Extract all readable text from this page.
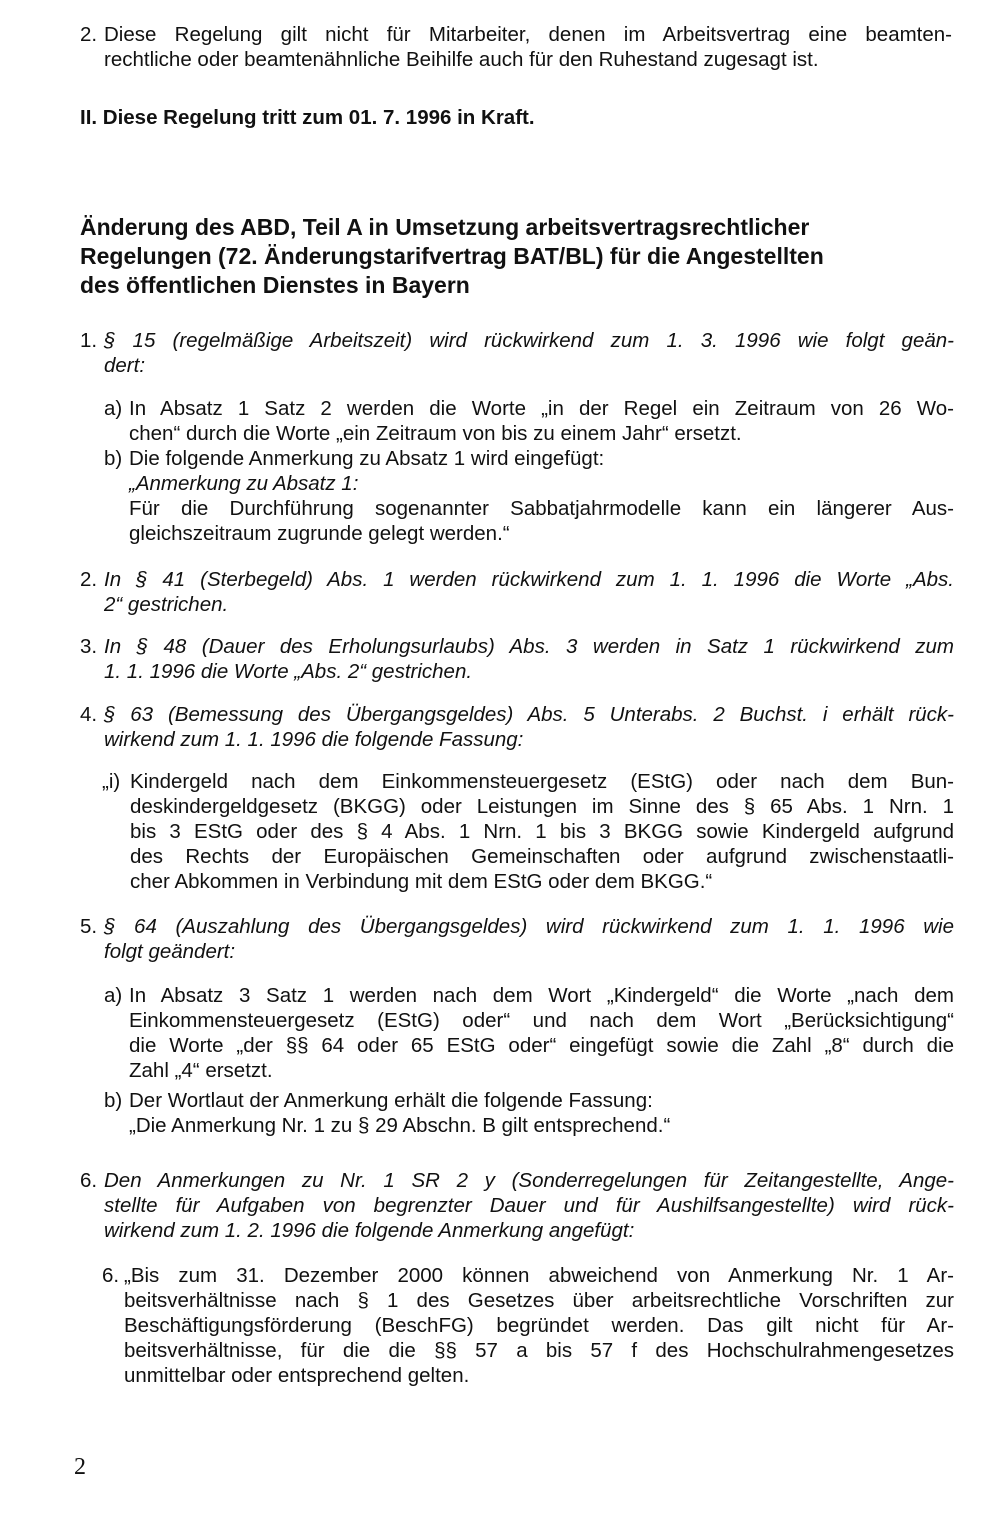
2. Diese Regelung gilt nicht für Mitarbeiter, denen im Arbeitsvertrag eine beamten-
rechtliche oder beamtenähnliche Beihilfe auch für den Ruhestand zugesagt ist.
II. Diese Regelung tritt zum 01. 7. 1996 in Kraft.
Änderung des ABD, Teil A in Umsetzung arbeitsvertragsrechtlicher
Regelungen (72. Änderungstarifvertrag BAT/BL) für die Angestellten
des öffentlichen Dienstes in Bayern
1. § 15 (regelmäßige Arbeitszeit) wird rückwirkend zum 1. 3. 1996 wie folgt geän-
dert:
a) In Absatz 1 Satz 2 werden die Worte „in der Regel ein Zeitraum von 26 Wo-
chen“ durch die Worte „ein Zeitraum von bis zu einem Jahr“ ersetzt.
b) Die folgende Anmerkung zu Absatz 1 wird eingefügt:
„Anmerkung zu Absatz 1:
Für die Durchführung sogenannter Sabbatjahrmodelle kann ein längerer Aus-
gleichszeitraum zugrunde gelegt werden.“
2. In § 41 (Sterbegeld) Abs. 1 werden rückwirkend zum 1. 1. 1996 die Worte „Abs.
2“ gestrichen.
3. In § 48 (Dauer des Erholungsurlaubs) Abs. 3 werden in Satz 1 rückwirkend zum
1. 1. 1996 die Worte „Abs. 2“ gestrichen.
4. § 63 (Bemessung des Übergangsgeldes) Abs. 5 Unterabs. 2 Buchst. i erhält rück-
wirkend zum 1. 1. 1996 die folgende Fassung:
„i) Kindergeld nach dem Einkommensteuergesetz (EStG) oder nach dem Bun-
deskindergeldgesetz (BKGG) oder Leistungen im Sinne des § 65 Abs. 1 Nrn. 1
bis 3 EStG oder des § 4 Abs. 1 Nrn. 1 bis 3 BKGG sowie Kindergeld aufgrund
des Rechts der Europäischen Gemeinschaften oder aufgrund zwischenstaatli-
cher Abkommen in Verbindung mit dem EStG oder dem BKGG.“
5. § 64 (Auszahlung des Übergangsgeldes) wird rückwirkend zum 1. 1. 1996 wie
folgt geändert:
a) In Absatz 3 Satz 1 werden nach dem Wort „Kindergeld“ die Worte „nach dem
Einkommensteuergesetz (EStG) oder“ und nach dem Wort „Berücksichtigung“
die Worte „der §§ 64 oder 65 EStG oder“ eingefügt sowie die Zahl „8“ durch die
Zahl „4“ ersetzt.
b) Der Wortlaut der Anmerkung erhält die folgende Fassung:
„Die Anmerkung Nr. 1 zu § 29 Abschn. B gilt entsprechend.“
6. Den Anmerkungen zu Nr. 1 SR 2 y (Sonderregelungen für Zeitangestellte, Ange-
stellte für Aufgaben von begrenzter Dauer und für Aushilfsangestellte) wird rück-
wirkend zum 1. 2. 1996 die folgende Anmerkung angefügt:
6. „Bis zum 31. Dezember 2000 können abweichend von Anmerkung Nr. 1 Ar-
beitsverhältnisse nach § 1 des Gesetzes über arbeitsrechtliche Vorschriften zur
Beschäftigungsförderung (BeschFG) begründet werden. Das gilt nicht für Ar-
beitsverhältnisse, für die die §§ 57 a bis 57 f des Hochschulrahmengesetzes
unmittelbar oder entsprechend gelten.
2
